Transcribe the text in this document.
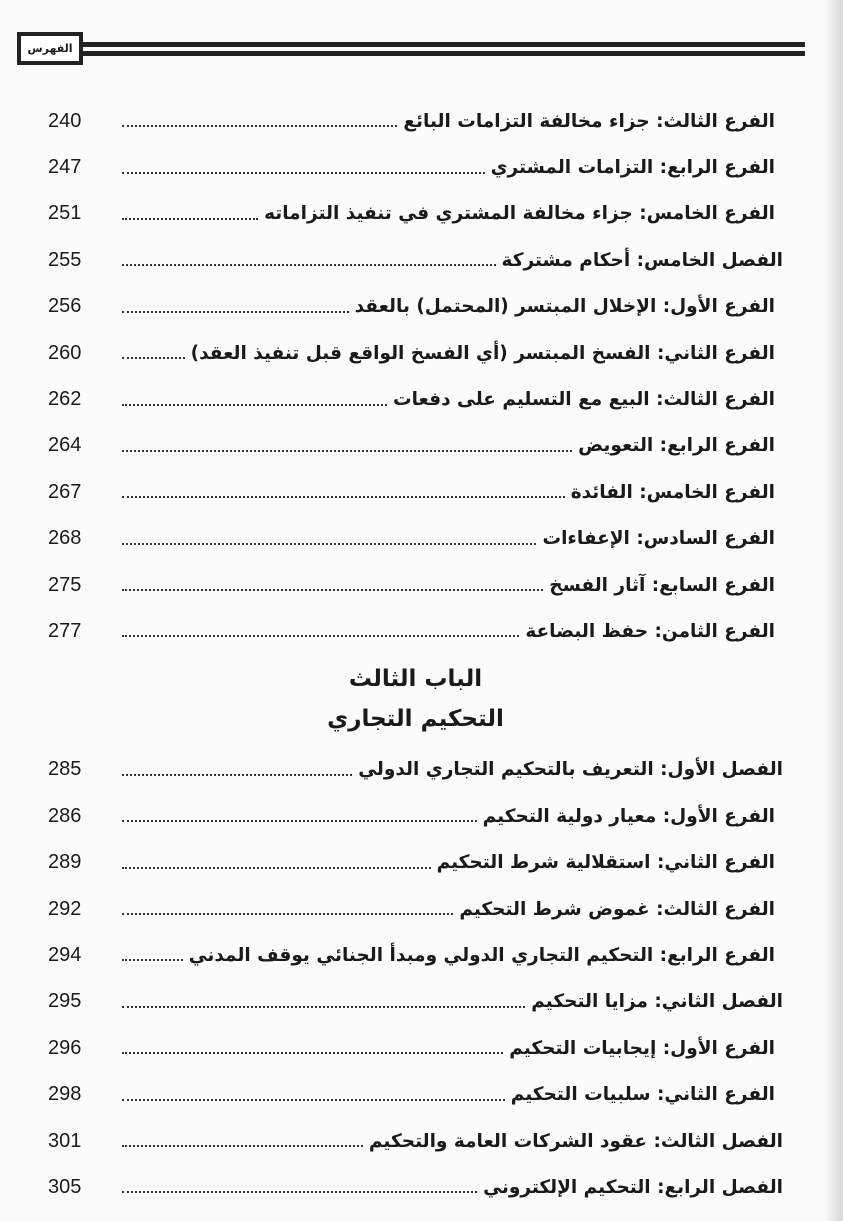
الفهرس
الفرع الثالث: جزاء مخالفة التزامات البائع
240
الفرع الرابع: التزامات المشتري
247
الفرع الخامس: جزاء مخالفة المشتري في تنفيذ التزاماته
251
الفصل الخامس: أحكام مشتركة
255
الفرع الأول: الإخلال المبتسر (المحتمل) بالعقد
256
الفرع الثاني: الفسخ المبتسر (أي الفسخ الواقع قبل تنفيذ العقد)
260
الفرع الثالث: البيع مع التسليم على دفعات
262
الفرع الرابع: التعويض
264
الفرع الخامس: الفائدة
267
الفرع السادس: الإعفاءات
268
الفرع السابع: آثار الفسخ
275
الفرع الثامن: حفظ البضاعة
277
الباب الثالث
التحكيم التجاري
الفصل الأول: التعريف بالتحكيم التجاري الدولي
285
الفرع الأول: معيار دولية التحكيم
286
الفرع الثاني: استقلالية شرط التحكيم
289
الفرع الثالث: غموض شرط التحكيم
292
الفرع الرابع: التحكيم التجاري الدولي ومبدأ الجنائي يوقف المدني
294
الفصل الثاني: مزايا التحكيم
295
الفرع الأول: إيجابيات التحكيم
296
الفرع الثاني: سلبيات التحكيم
298
الفصل الثالث: عقود الشركات العامة والتحكيم
301
الفصل الرابع: التحكيم الإلكتروني
305
